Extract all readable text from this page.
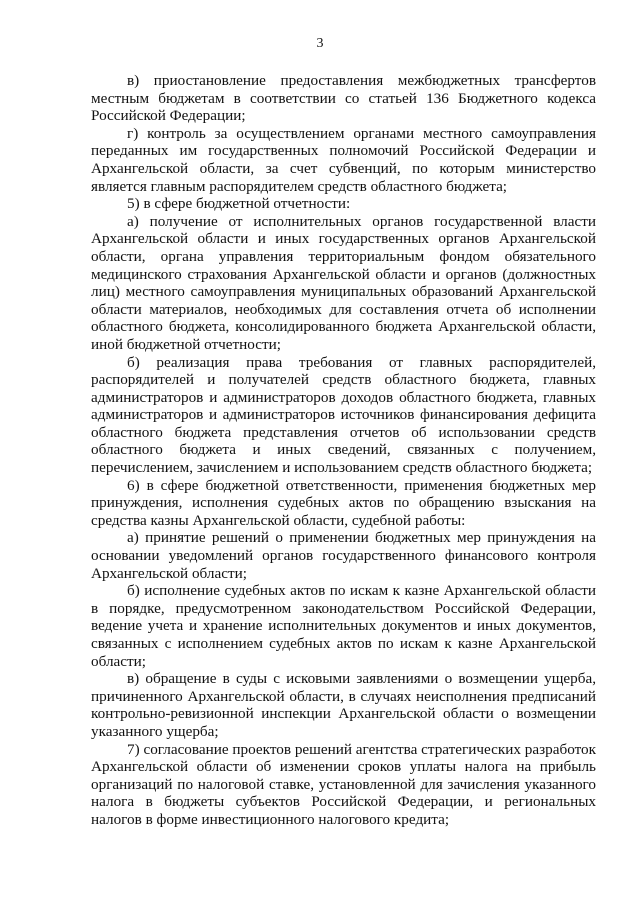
3

в) приостановление предоставления межбюджетных трансфертов местным бюджетам в соответствии со статьей 136 Бюджетного кодекса Российской Федерации;

г) контроль за осуществлением органами местного самоуправления переданных им государственных полномочий Российской Федерации и Архангельской области, за счет субвенций, по которым министерство является главным распорядителем средств областного бюджета;

5) в сфере бюджетной отчетности:

а) получение от исполнительных органов государственной власти Архангельской области и иных государственных органов Архангельской области, органа управления территориальным фондом обязательного медицинского страхования Архангельской области и органов (должностных лиц) местного самоуправления муниципальных образований Архангельской области материалов, необходимых для составления отчета об исполнении областного бюджета, консолидированного бюджета Архангельской области, иной бюджетной отчетности;

б) реализация права требования от главных распорядителей, распорядителей и получателей средств областного бюджета, главных администраторов и администраторов доходов областного бюджета, главных администраторов и администраторов источников финансирования дефицита областного бюджета представления отчетов об использовании средств областного бюджета и иных сведений, связанных с получением, перечислением, зачислением и использованием средств областного бюджета;

6) в сфере бюджетной ответственности, применения бюджетных мер принуждения, исполнения судебных актов по обращению взыскания на средства казны Архангельской области, судебной работы:

а) принятие решений о применении бюджетных мер принуждения на основании уведомлений органов государственного финансового контроля Архангельской области;

б) исполнение судебных актов по искам к казне Архангельской области в порядке, предусмотренном законодательством Российской Федерации, ведение учета и хранение исполнительных документов и иных документов, связанных с исполнением судебных актов по искам к казне Архангельской области;

в) обращение в суды с исковыми заявлениями о возмещении ущерба, причиненного Архангельской области, в случаях неисполнения предписаний контрольно-ревизионной инспекции Архангельской области о возмещении указанного ущерба;

7) согласование проектов решений агентства стратегических разработок Архангельской области об изменении сроков уплаты налога на прибыль организаций по налоговой ставке, установленной для зачисления указанного налога в бюджеты субъектов Российской Федерации, и региональных налогов в форме инвестиционного налогового кредита;
